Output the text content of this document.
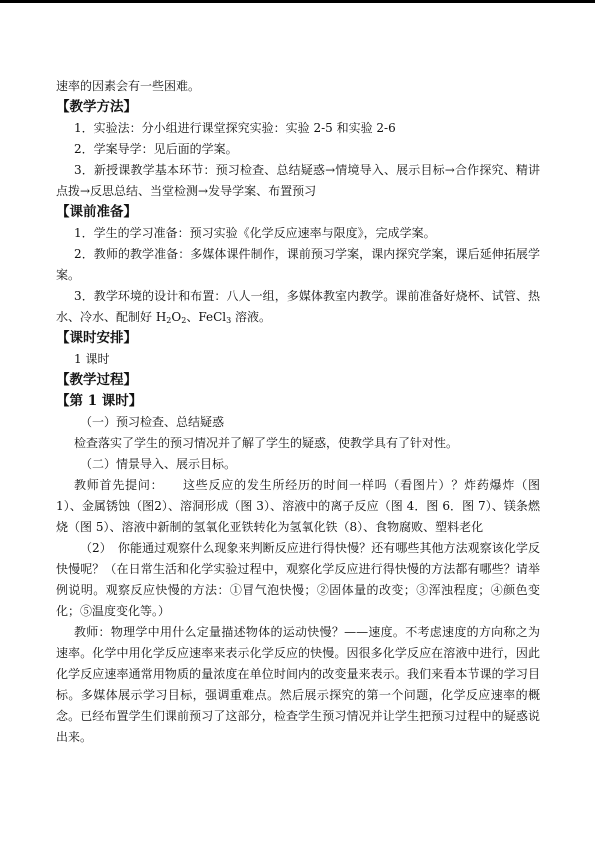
速率的因素会有一些困难。

【教学方法】

1．实验法：分小组进行课堂探究实验：实验 2-5 和实验 2-6

2．学案导学：见后面的学案。

3．新授课教学基本环节：预习检查、总结疑惑→情境导入、展示目标→合作探究、精讲点拨→反思总结、当堂检测→发导学案、布置预习

【课前准备】

1．学生的学习准备：预习实验《化学反应速率与限度》，完成学案。

2．教师的教学准备：多媒体课件制作，课前预习学案，课内探究学案，课后延伸拓展学案。

3．教学环境的设计和布置：八人一组，多媒体教室内教学。课前准备好烧杯、试管、热水、冷水、配制好 $H_2O_2$、FeCl$_3$ 溶液。

【课时安排】

1 课时

【教学过程】

【第 1 课时】

（一）预习检查、总结疑惑

检查落实了学生的预习情况并了解了学生的疑惑，使教学具有了针对性。

（二）情景导入、展示目标。

教师首先提问：　　这些反应的发生所经历的时间一样吗（看图片）？炸药爆炸（图 1）、金属锈蚀（图2）、溶洞形成（图 3）、溶液中的离子反应（图 4．图 6．图 7）、镁条燃烧（图 5）、溶液中新制的氢氧化亚铁转化为氢氧化铁（8）、食物腐败、塑料老化

（2）　你能通过观察什么现象来判断反应进行得快慢？还有哪些其他方法观察该化学反快慢呢？（在日常生活和化学实验过程中，观察化学反应进行得快慢的方法都有哪些？请举例说明。观察反应快慢的方法：①冒气泡快慢；②固体量的改变；③浑浊程度；④颜色变化；⑤温度变化等。）

教师：物理学中用什么定量描述物体的运动快慢？——速度。不考虑速度的方向称之为速率。化学中用化学反应速率来表示化学反应的快慢。因很多化学反应在溶液中进行，因此化学反应速率通常用物质的量浓度在单位时间内的改变量来表示。我们来看本节课的学习目标。多媒体展示学习目标，强调重难点。然后展示探究的第一个问题，化学反应速率的概念。已经布置学生们课前预习了这部分，检查学生预习情况并让学生把预习过程中的疑惑说出来。
